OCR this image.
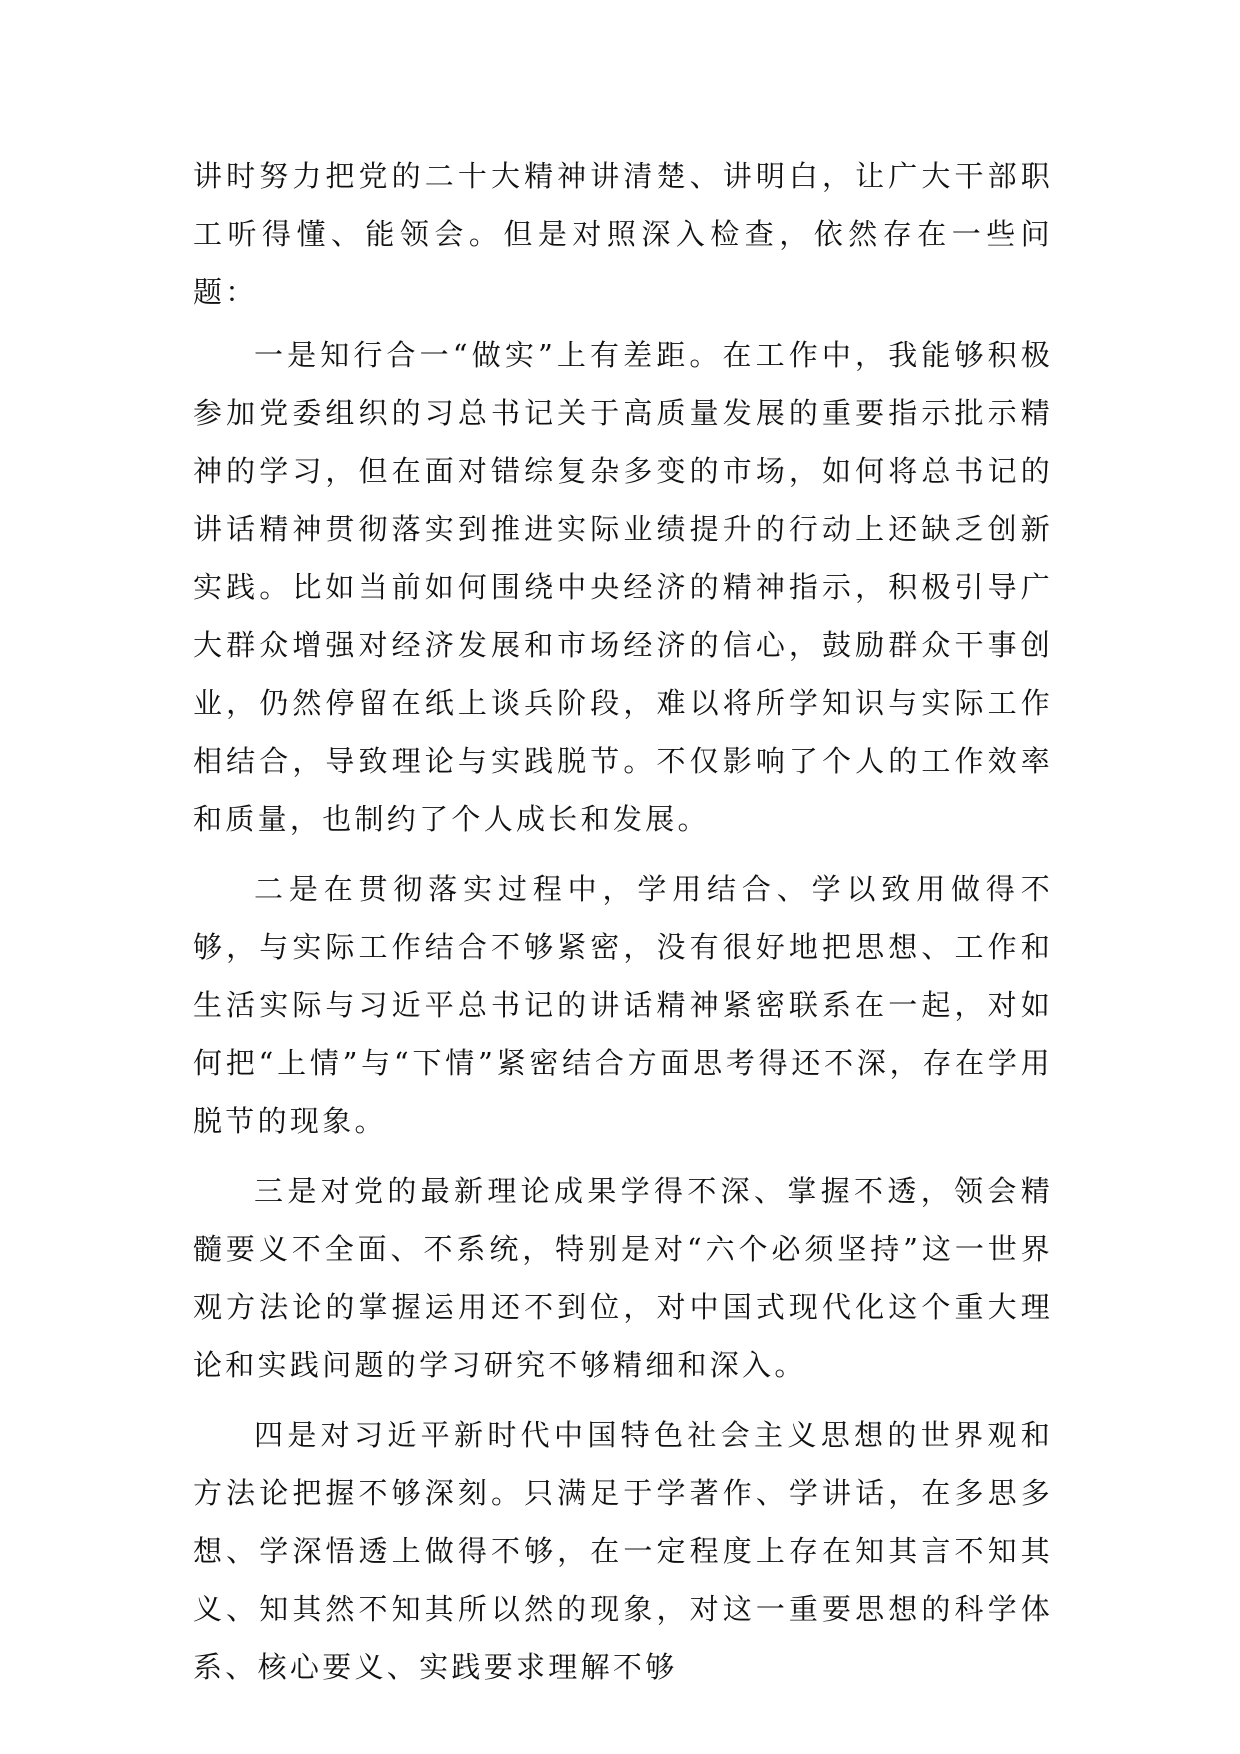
讲时努力把党的二十大精神讲清楚、讲明白，让广大干部职工听得懂、能领会。但是对照深入检查，依然存在一些问题：

一是知行合一“做实”上有差距。在工作中，我能够积极参加党委组织的习总书记关于高质量发展的重要指示批示精神的学习，但在面对错综复杂多变的市场，如何将总书记的讲话精神贯彻落实到推进实际业绩提升的行动上还缺乏创新实践。比如当前如何围绕中央经济的精神指示，积极引导广大群众增强对经济发展和市场经济的信心，鼓励群众干事创业，仍然停留在纸上谈兵阶段，难以将所学知识与实际工作相结合，导致理论与实践脱节。不仅影响了个人的工作效率和质量，也制约了个人成长和发展。

二是在贯彻落实过程中，学用结合、学以致用做得不够，与实际工作结合不够紧密，没有很好地把思想、工作和生活实际与习近平总书记的讲话精神紧密联系在一起，对如何把“上情”与“下情”紧密结合方面思考得还不深，存在学用脱节的现象。

三是对党的最新理论成果学得不深、掌握不透，领会精髓要义不全面、不系统，特别是对“六个必须坚持”这一世界观方法论的掌握运用还不到位，对中国式现代化这个重大理论和实践问题的学习研究不够精细和深入。

四是对习近平新时代中国特色社会主义思想的世界观和方法论把握不够深刻。只满足于学著作、学讲话，在多思多想、学深悟透上做得不够，在一定程度上存在知其言不知其义、知其然不知其所以然的现象，对这一重要思想的科学体系、核心要义、实践要求理解不够
